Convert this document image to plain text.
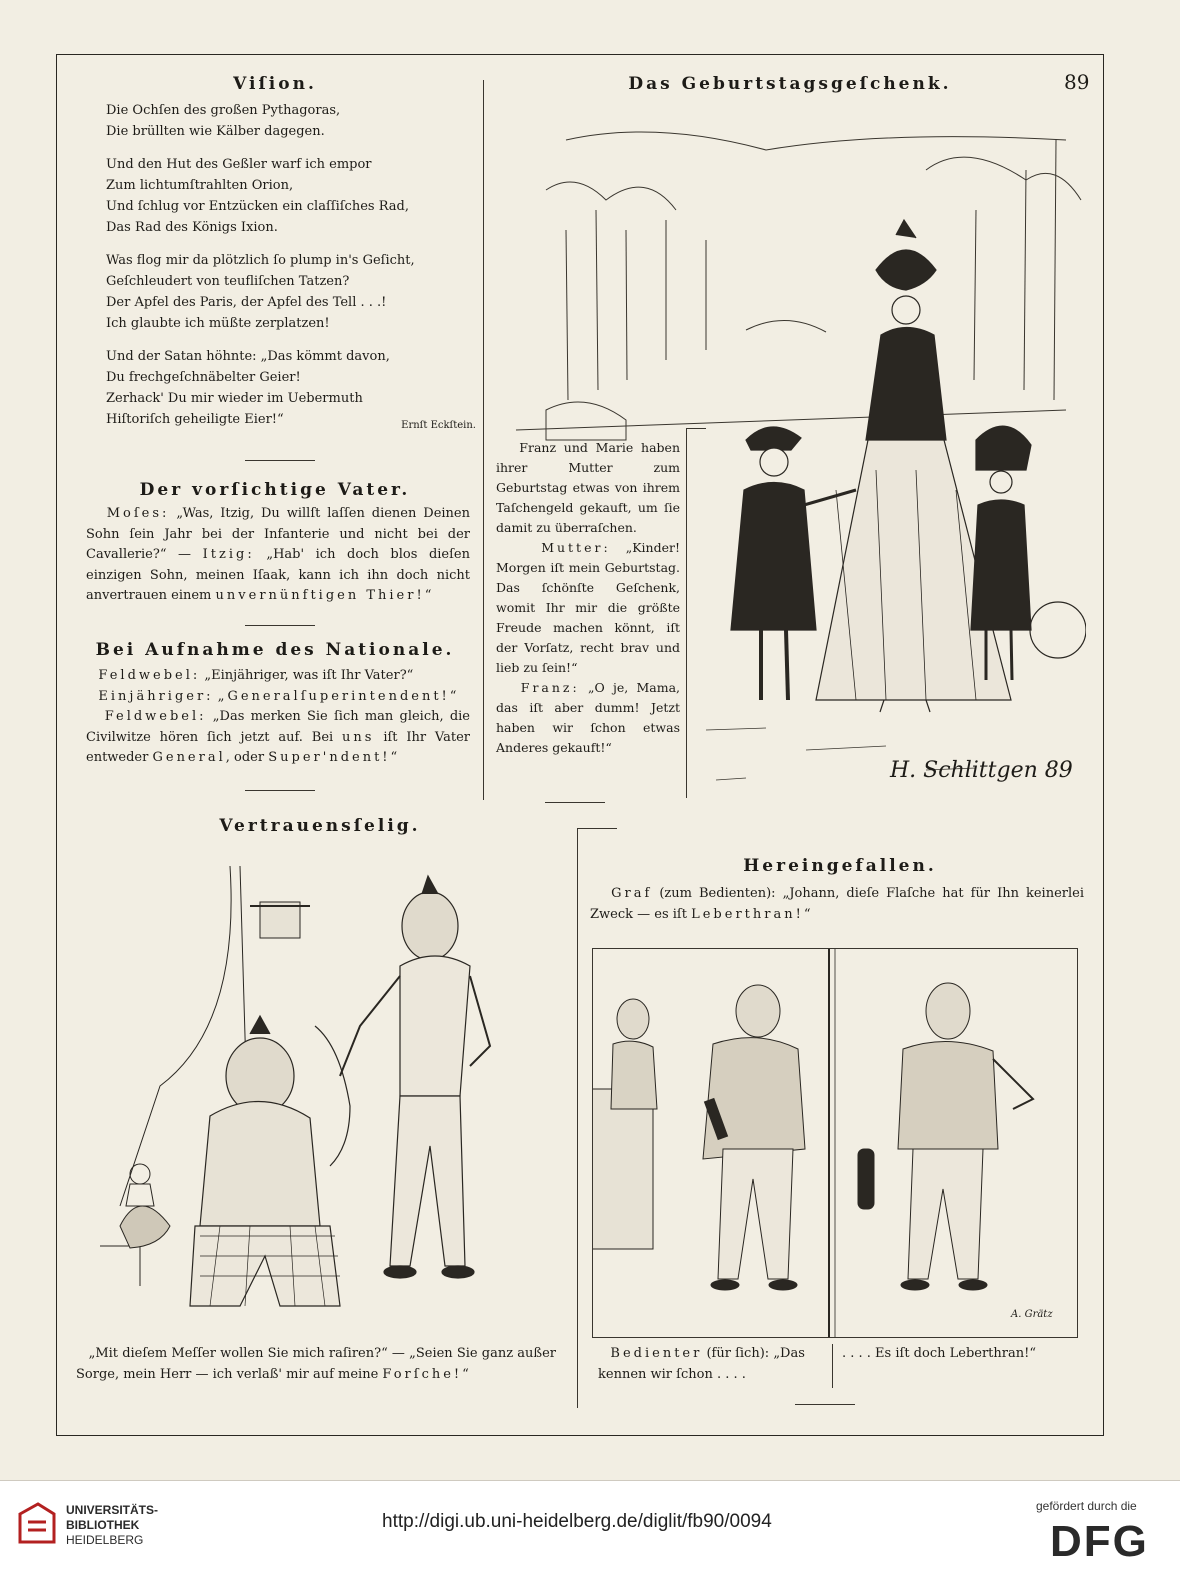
89
Viſion.

Die Ochſen des großen Pythagoras,
Die brüllten wie Kälber dagegen.

Und den Hut des Geßler warf ich empor
Zum lichtumſtrahlten Orion,
Und ſchlug vor Entzücken ein claſſiſches Rad,
Das Rad des Königs Ixion.

Was flog mir da plötzlich ſo plump in's Geſicht,
Geſchleudert von teufliſchen Tatzen?
Der Apfel des Paris, der Apfel des Tell . . .!
Ich glaubte ich müßte zerplatzen!

Und der Satan höhnte: „Das kömmt davon,
Du frechgeſchnäbelter Geier!
Zerhack' Du mir wieder im Uebermuth
Hiſtoriſch geheiligte Eier!“	Ernſt Eckſtein.
Der vorſichtige Vater.

Moſes: „Was, Itzig, Du willſt laſſen dienen Deinen Sohn ſein Jahr bei der Infanterie und nicht bei der Cavallerie?“ — Itzig: „Hab' ich doch blos dieſen einzigen Sohn, meinen Iſaak, kann ich ihn doch nicht anvertrauen einem unvernünftigen Thier!“

Bei Aufnahme des Nationale.

Feldwebel: „Einjähriger, was iſt Ihr Vater?“

Einjähriger: „Generalſuperintendent!“

Feldwebel: „Das merken Sie ſich man gleich, die Civilwitze hören ſich jetzt auf. Bei uns iſt Ihr Vater entweder General, oder Super'ndent!“

Das Geburtstagsgeſchenk.
H. Schlittgen 89

Franz und Marie haben ihrer Mutter zum Geburtstag etwas von ihrem Taſchengeld gekauft, um ſie damit zu überraſchen.

Mutter: „Kinder! Morgen iſt mein Geburtstag. Das ſchönſte Geſchenk, womit Ihr mir die größte Freude machen könnt, iſt der Vorſatz, recht brav und lieb zu ſein!“

Franz: „O je, Mama, das iſt aber dumm! Jetzt haben wir ſchon etwas Anderes gekauft!“

Vertrauensſelig.

„Mit dieſem Meſſer wollen Sie mich raſiren?“ — „Seien Sie ganz außer Sorge, mein Herr — ich verlaß' mir auf meine Forſche!“

Hereingefallen.

Graf (zum Bedienten): „Johann, dieſe Flaſche hat für Ihn keinerlei Zweck — es iſt Leberthran!“

A. Grätz

Bedienter (für ſich): „Das kennen wir ſchon . . . .

. . . . Es iſt doch Leberthran!“

UNIVERSITÄTS-
BIBLIOTHEK
HEIDELBERG
http://digi.ub.uni-heidelberg.de/diglit/fb90/0094
gefördert durch die
DFG
